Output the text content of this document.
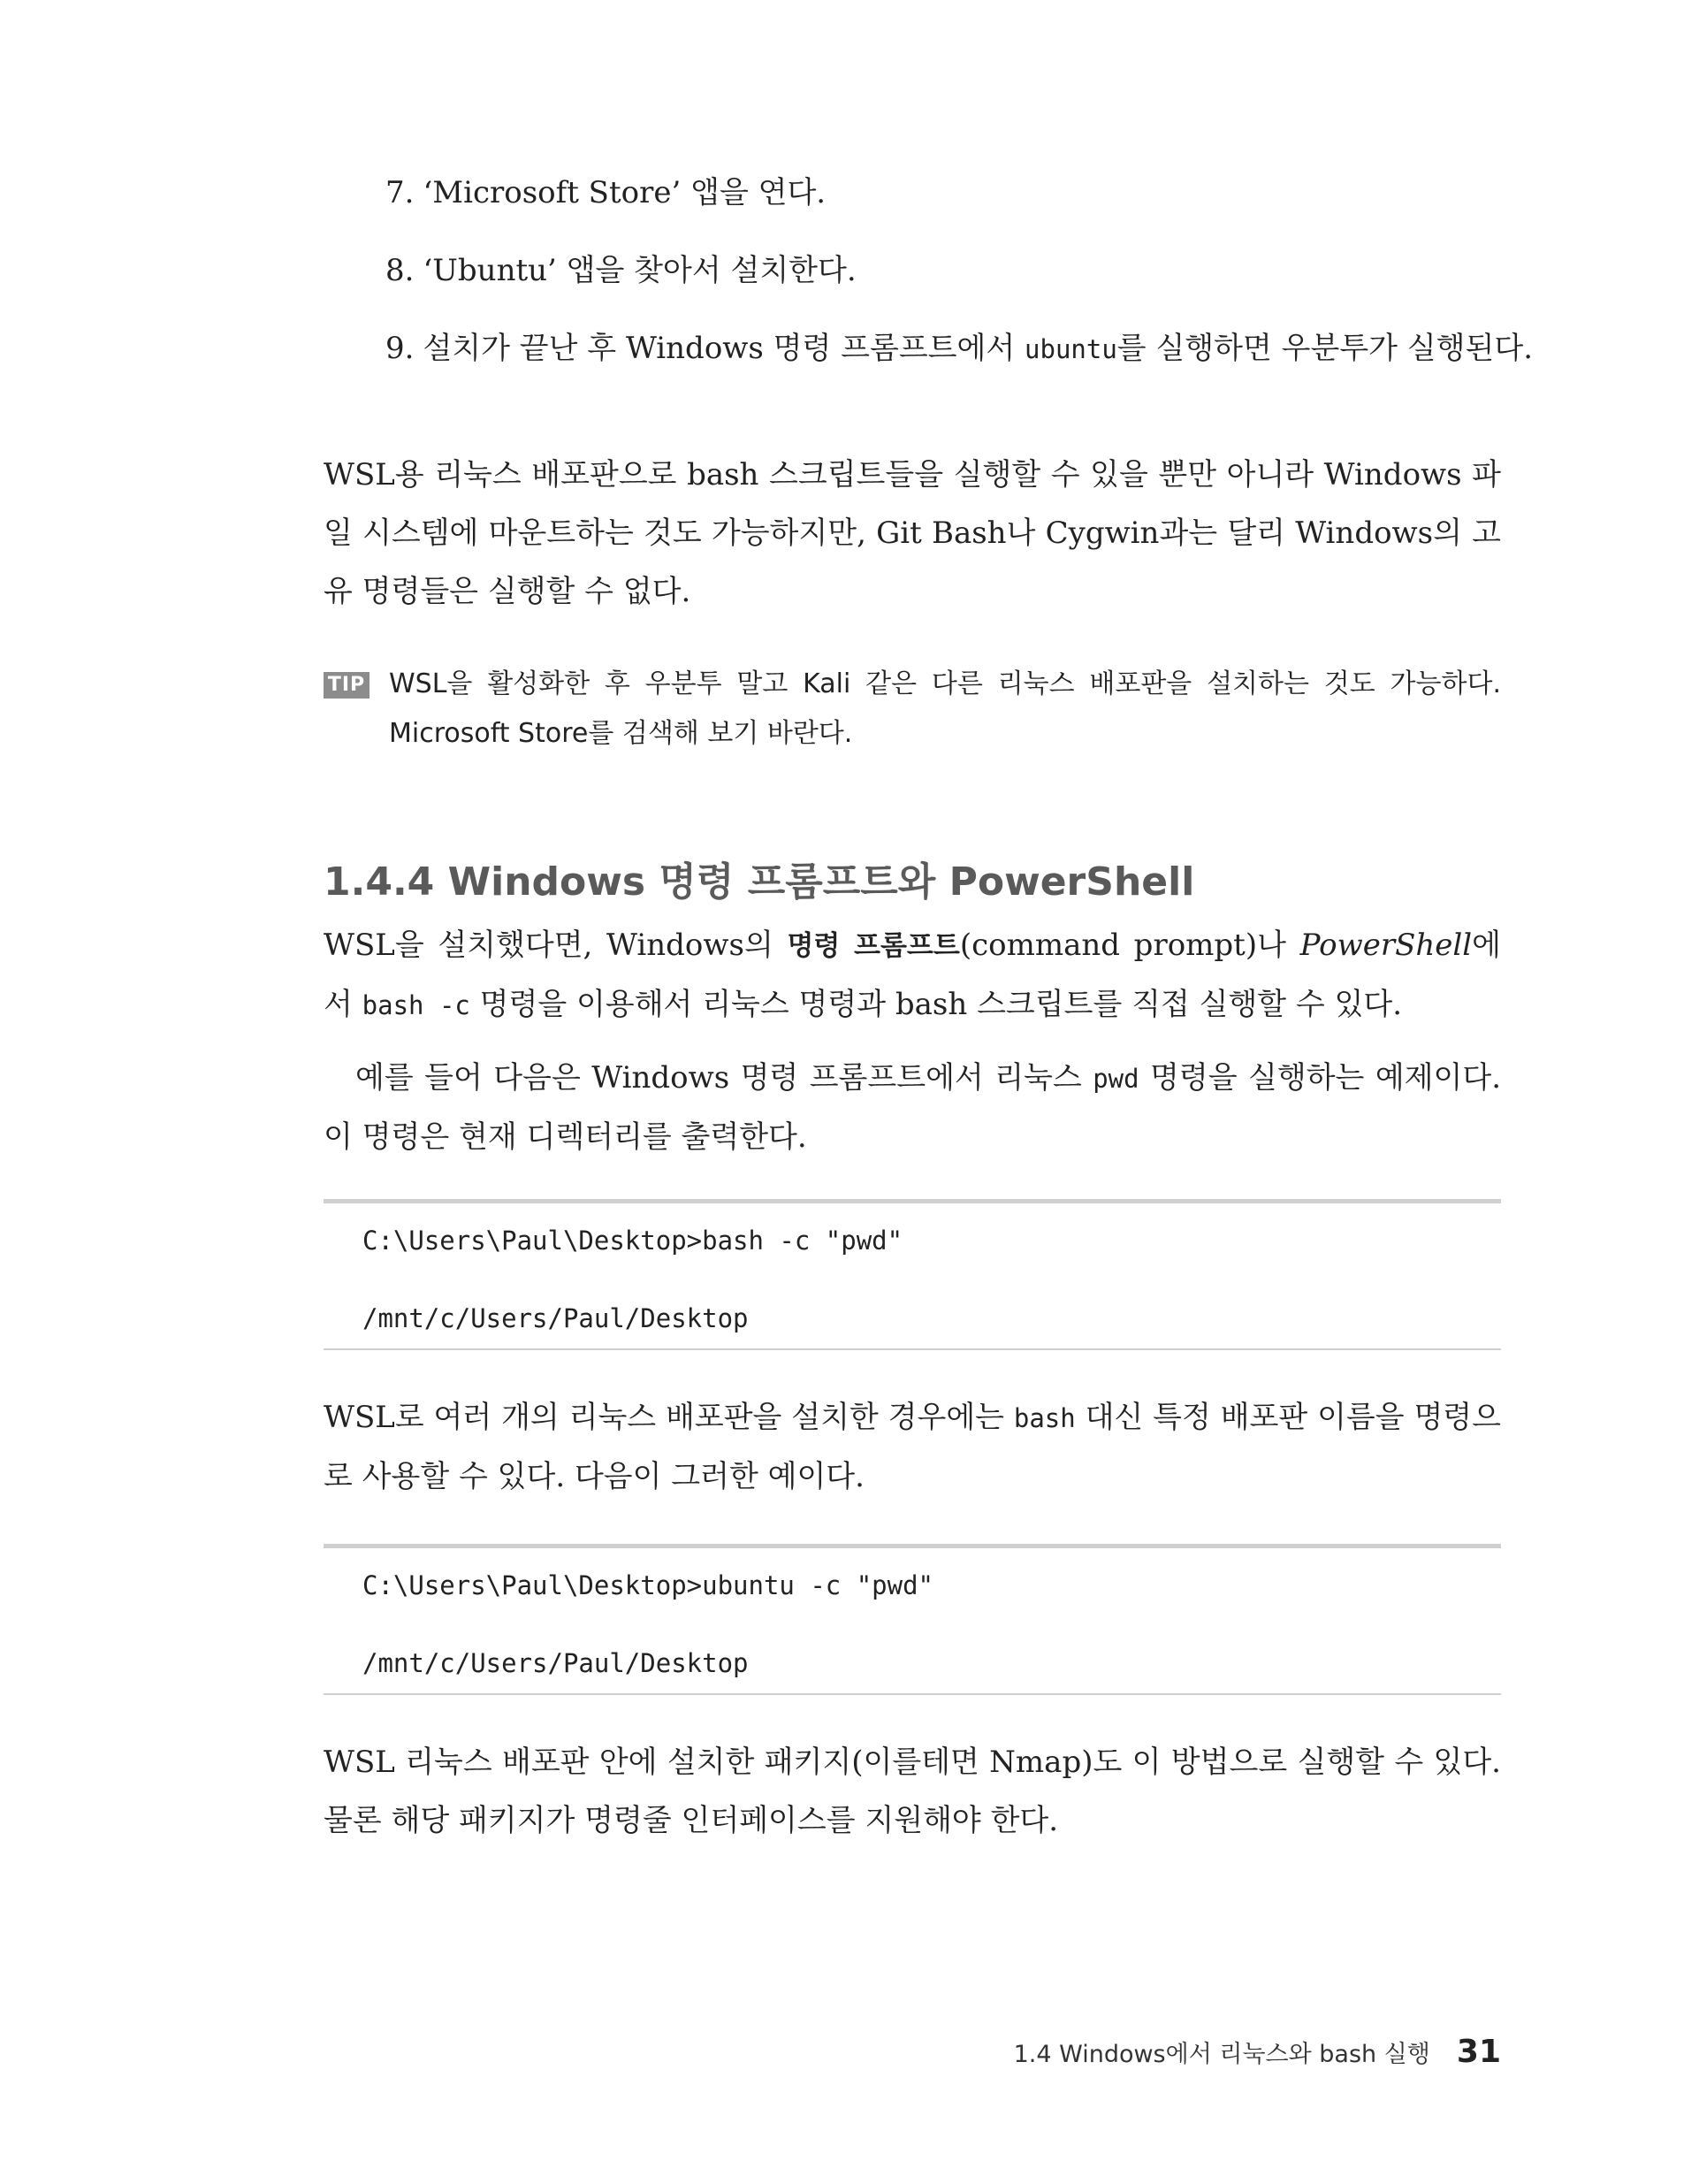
7. ‘Microsoft Store’ 앱을 연다.
8. ‘Ubuntu’ 앱을 찾아서 설치한다.
9. 설치가 끝난 후 Windows 명령 프롬프트에서 ubuntu를 실행하면 우분투가 실행된다.

WSL용 리눅스 배포판으로 bash 스크립트들을 실행할 수 있을 뿐만 아니라 Windows 파일 시스템에 마운트하는 것도 가능하지만, Git Bash나 Cygwin과는 달리 Windows의 고유 명령들은 실행할 수 없다.

TIP WSL을 활성화한 후 우분투 말고 Kali 같은 다른 리눅스 배포판을 설치하는 것도 가능하다. Microsoft Store를 검색해 보기 바란다.
1.4.4 Windows 명령 프롬프트와 PowerShell

WSL을 설치했다면, Windows의 명령 프롬프트(command prompt)나 PowerShell에서 bash -c 명령을 이용해서 리눅스 명령과 bash 스크립트를 직접 실행할 수 있다.

예를 들어 다음은 Windows 명령 프롬프트에서 리눅스 pwd 명령을 실행하는 예제이다. 이 명령은 현재 디렉터리를 출력한다.

C:\Users\Paul\Desktop>bash -c "pwd"
/mnt/c/Users/Paul/Desktop

WSL로 여러 개의 리눅스 배포판을 설치한 경우에는 bash 대신 특정 배포판 이름을 명령으로 사용할 수 있다. 다음이 그러한 예이다.

C:\Users\Paul\Desktop>ubuntu -c "pwd"
/mnt/c/Users/Paul/Desktop

WSL 리눅스 배포판 안에 설치한 패키지(이를테면 Nmap)도 이 방법으로 실행할 수 있다. 물론 해당 패키지가 명령줄 인터페이스를 지원해야 한다.

1.4 Windows에서 리눅스와 bash 실행 31
